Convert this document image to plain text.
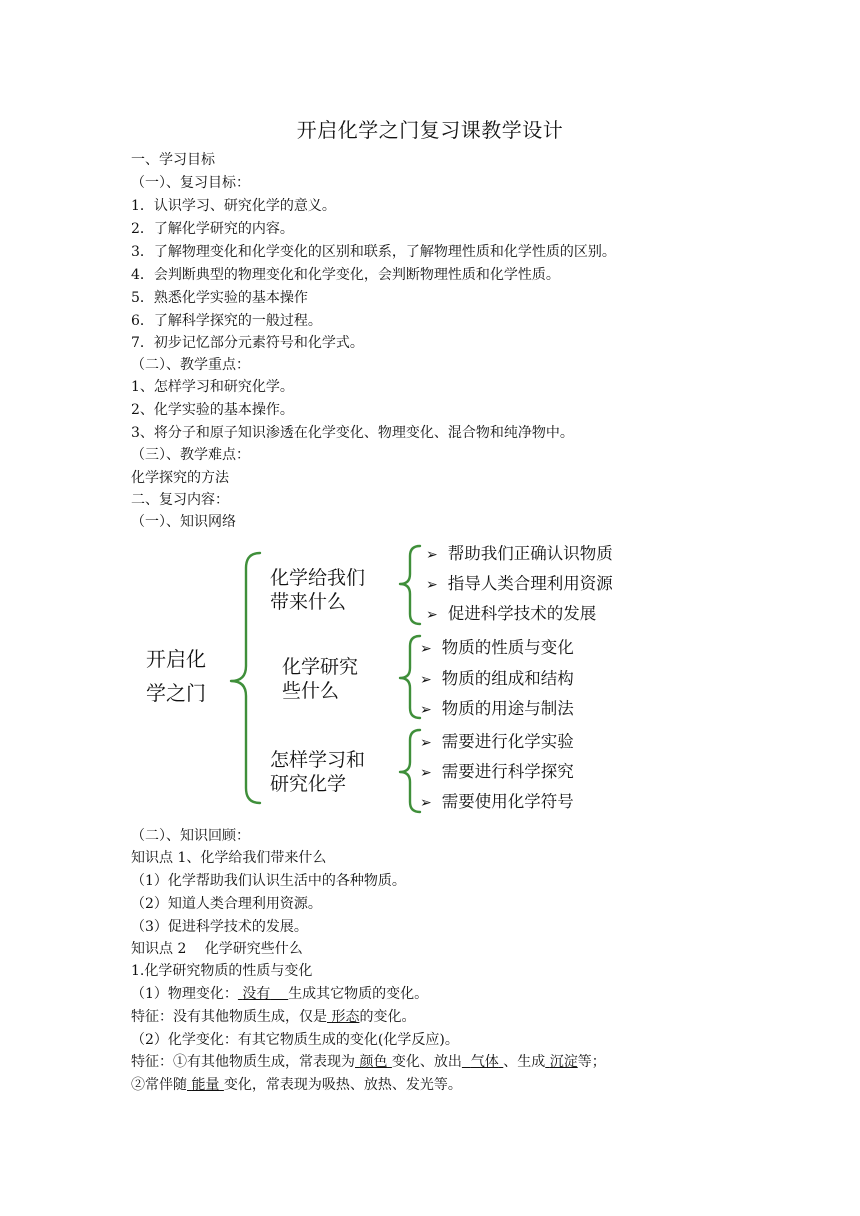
开启化学之门复习课教学设计
一、学习目标
（一）、复习目标：
1．认识学习、研究化学的意义。
2．了解化学研究的内容。
3．了解物理变化和化学变化的区别和联系，了解物理性质和化学性质的区别。
4．会判断典型的物理变化和化学变化，会判断物理性质和化学性质。
5．熟悉化学实验的基本操作
6．了解科学探究的一般过程。
7．初步记忆部分元素符号和化学式。
（二）、教学重点：
1、怎样学习和研究化学。
2、化学实验的基本操作。
3、将分子和原子知识渗透在化学变化、物理变化、混合物和纯净物中。
（三）、教学难点：
化学探究的方法
二、复习内容：
（一）、知识网络
开启化
学之门
化学给我们
带来什么
化学研究
些什么
怎样学习和
研究化学
➢ 帮助我们正确认识物质
➢ 指导人类合理利用资源
➢ 促进科学技术的发展
➢ 物质的性质与变化
➢ 物质的组成和结构
➢ 物质的用途与制法
➢ 需要进行化学实验
➢ 需要进行科学探究
➢ 需要使用化学符号
（二）、知识回顾：
知识点 1、化学给我们带来什么
（1）化学帮助我们认识生活中的各种物质。
（2）知道人类合理利用资源。
（3）促进科学技术的发展。
知识点 2　 化学研究些什么
1.化学研究物质的性质与变化
（1）物理变化： 没有 生成其它物质的变化。
特征：没有其他物质生成，仅是 形态的变化。
（2）化学变化：有其它物质生成的变化(化学反应)。
特征：①有其他物质生成，常表现为 颜色 变化、放出 气体 、生成 沉淀等；
②常伴随 能量 变化，常表现为吸热、放热、发光等。
